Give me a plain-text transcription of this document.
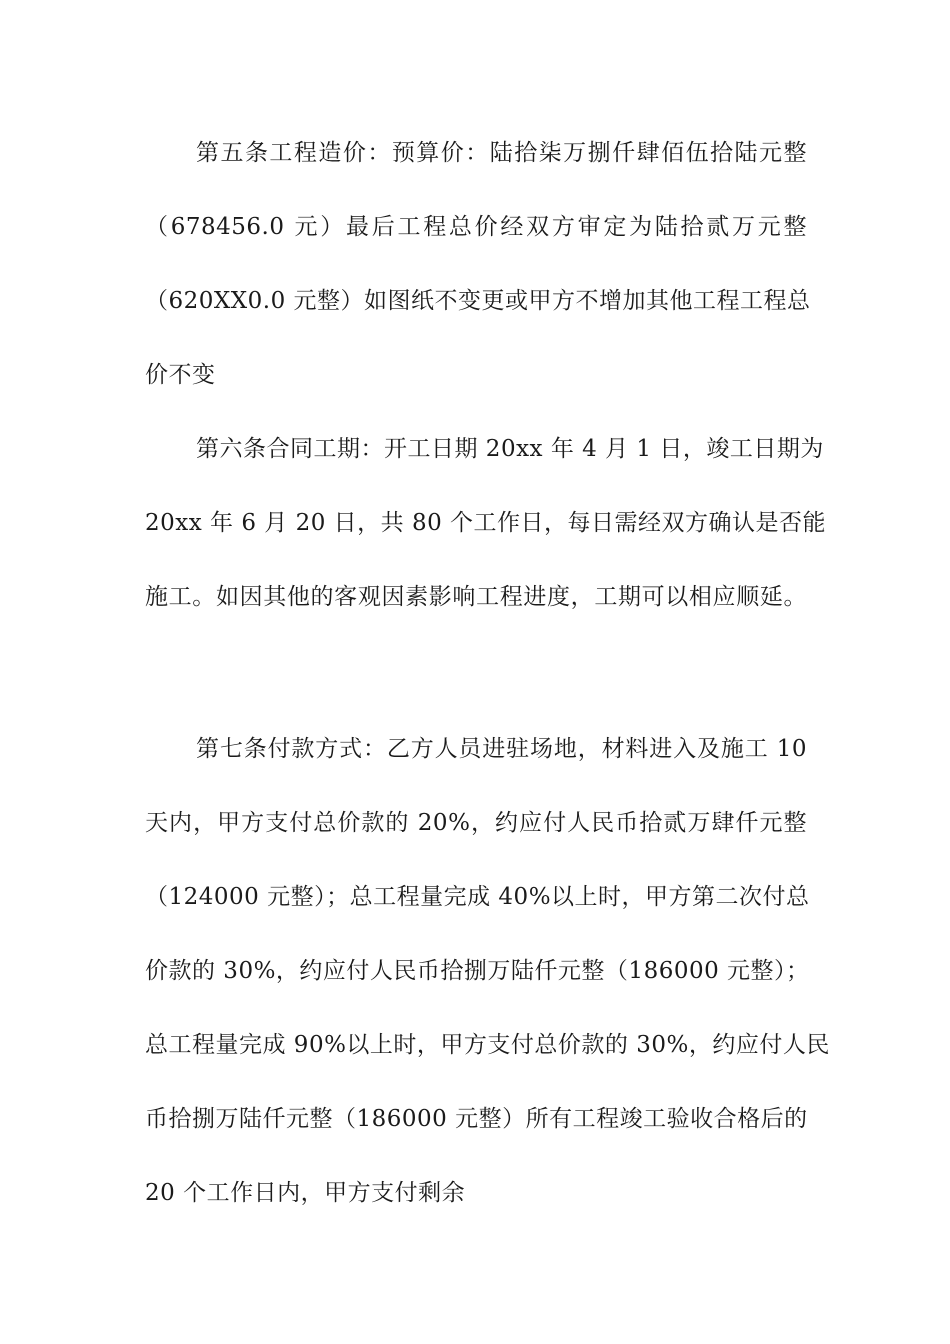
第五条工程造价：预算价：陆拾柒万捌仟肆佰伍拾陆元整
（678456.0 元）最后工程总价经双方审定为陆拾贰万元整
（620XX0.0 元整）如图纸不变更或甲方不增加其他工程工程总
价不变
第六条合同工期：开工日期 20xx 年 4 月 1 日，竣工日期为
20xx 年 6 月 20 日，共 80 个工作日，每日需经双方确认是否能
施工。如因其他的客观因素影响工程进度，工期可以相应顺延。
第七条付款方式：乙方人员进驻场地，材料进入及施工 10
天内，甲方支付总价款的 20%，约应付人民币拾贰万肆仟元整
（124000 元整）；总工程量完成 40%以上时，甲方第二次付总
价款的 30%，约应付人民币拾捌万陆仟元整（186000 元整）；
总工程量完成 90%以上时，甲方支付总价款的 30%，约应付人民
币拾捌万陆仟元整（186000 元整）所有工程竣工验收合格后的
20 个工作日内，甲方支付剩余
